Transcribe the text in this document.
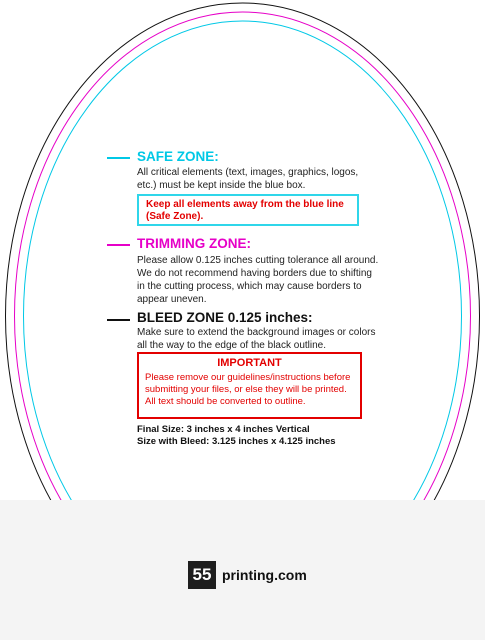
SAFE ZONE:

All critical elements (text, images, graphics, logos, etc.) must be kept inside the blue box.

Keep all elements away from the blue line (Safe Zone).

TRIMMING ZONE:

Please allow 0.125 inches cutting tolerance all around. We do not recommend having borders due to shifting in the cutting process, which may cause borders to appear uneven.

BLEED ZONE 0.125 inches:

Make sure to extend the background images or colors all the way to the edge of the black outline.

IMPORTANT

Please remove our guidelines/instructions before

submitting your files, or else they will be printed.

All text should be converted to outline.

Final Size: 3 inches x 4 inches Vertical

Size with Bleed: 3.125 inches x 4.125 inches

55 printing.com
